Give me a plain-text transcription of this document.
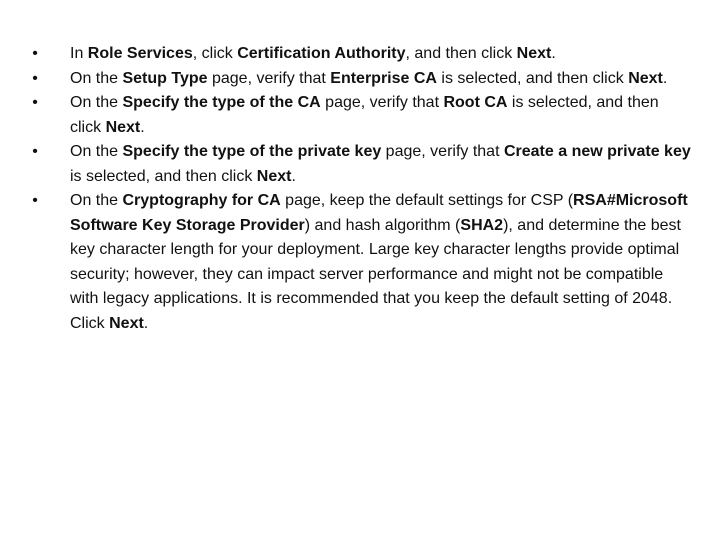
• In Role Services, click Certification Authority, and then click Next.
• On the Setup Type page, verify that Enterprise CA is selected, and then click Next.
• On the Specify the type of the CA page, verify that Root CA is selected, and then click Next.
• On the Specify the type of the private key page, verify that Create a new private key is selected, and then click Next.
• On the Cryptography for CA page, keep the default settings for CSP (RSA#Microsoft Software Key Storage Provider) and hash algorithm (SHA2), and determine the best key character length for your deployment. Large key character lengths provide optimal security; however, they can impact server performance and might not be compatible with legacy applications. It is recommended that you keep the default setting of 2048. Click Next.
